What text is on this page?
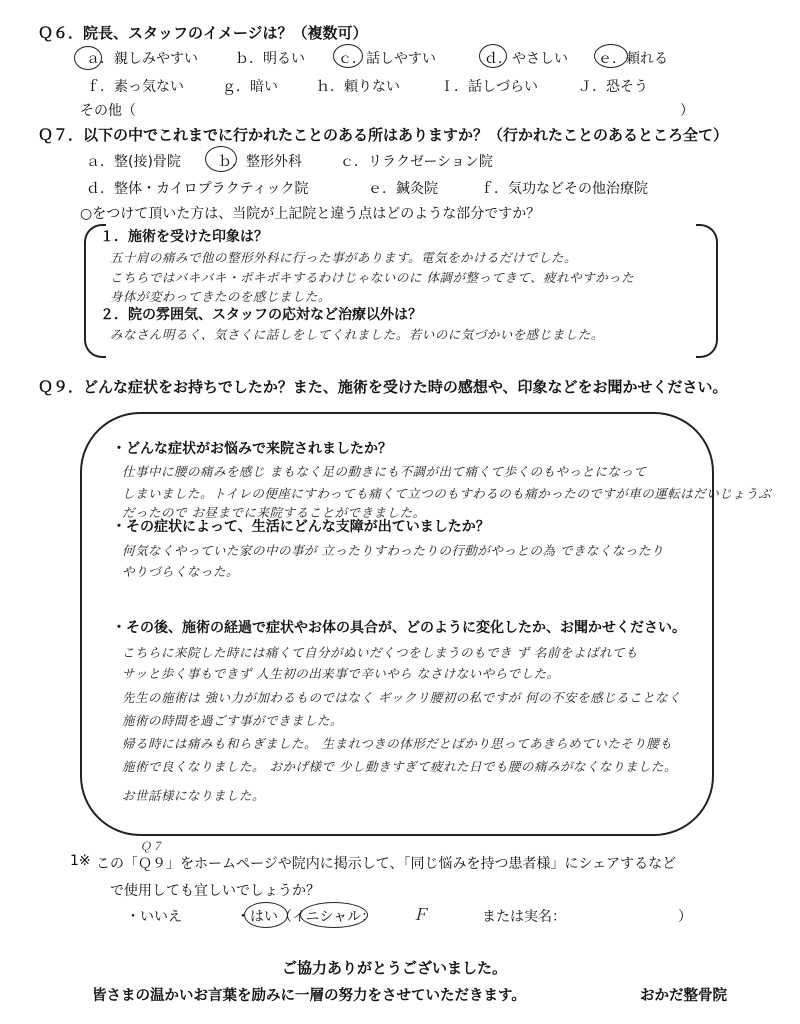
Ｑ６．院長、スタッフのイメージは？（複数可）
ａ．親しみやすい	ｂ．明るい ｃ．話しやすい	ｄ．やさしい ｅ．頼れる
ｆ．素っ気ない	ｇ．暗い	ｈ．頼りない	Ｉ．話しづらい	Ｊ．恐そう
その他（	）
Ｑ７．以下の中でこれまでに行かれたことのある所はありますか？（行かれたことのあるところ全て）
ａ．整(接)骨院	ｂ．整形外科	ｃ．リラクゼーション院
ｄ．整体・カイロプラクティック院	ｅ．鍼灸院	ｆ．気功などその他治療院
○をつけて頂いた方は、当院が上記院と違う点はどのような部分ですか？
１．施術を受けた印象は？
五十肩の痛みで他の整形外科に行った事があります。電気をかけるだけでした。
こちらではバキバキ・ポキポキするわけじゃないのに 体調が整ってきて、疲れやすかった
身体が変わってきたのを感じました。
２．院の雰囲気、スタッフの応対など治療以外は？
みなさん明るく、気さくに話しをしてくれました。若いのに気づかいを感じました。
Ｑ９．どんな症状をお持ちでしたか？また、施術を受けた時の感想や、印象などをお聞かせください。
・どんな症状がお悩みで来院されましたか？
仕事中に腰の痛みを感じ まもなく足の動きにも不調が出て痛くて歩くのもやっとになって
しまいました。トイレの便座にすわっても痛くて立つのもすわるのも痛かったのですが車の運転はだいじょうぶ
だったので お昼までに来院することができました。
・その症状によって、生活にどんな支障が出ていましたか？
何気なくやっていた家の中の事が 立ったりすわったりの行動がやっとの為 できなくなったり
やりづらくなった。
・その後、施術の経過で症状やお体の具合が、どのように変化したか、お聞かせください。
こちらに来院した時には痛くて自分がぬいだくつをしまうのもでき ず 名前をよばれても
サッと歩く事もできず 人生初の出来事で辛いやら なさけないやらでした。
先生の施術は 強い力が加わるものではなく ギックリ腰初の私ですが 何の不安を感じることなく
施術の時間を過ごす事ができました。
帰る時には痛みも和らぎました。 生まれつきの体形だとばかり思ってあきらめていたそり腰も
施術で良くなりました。 おかげ様で 少し動きすぎて疲れた日でも腰の痛みがなくなりました。
お世話様になりました。
Ｑ７
1※ この「Ｑ９」をホームページや院内に掲示して、「同じ悩みを持つ患者様」にシェアするなど
で使用しても宜しいでしょうか？
・いいえ	・はい（イニシャル： Ｆ	または実名：	）
ご協力ありがとうございました。
皆さまの温かいお言葉を励みに一層の努力をさせていただきます。	おかだ整骨院
